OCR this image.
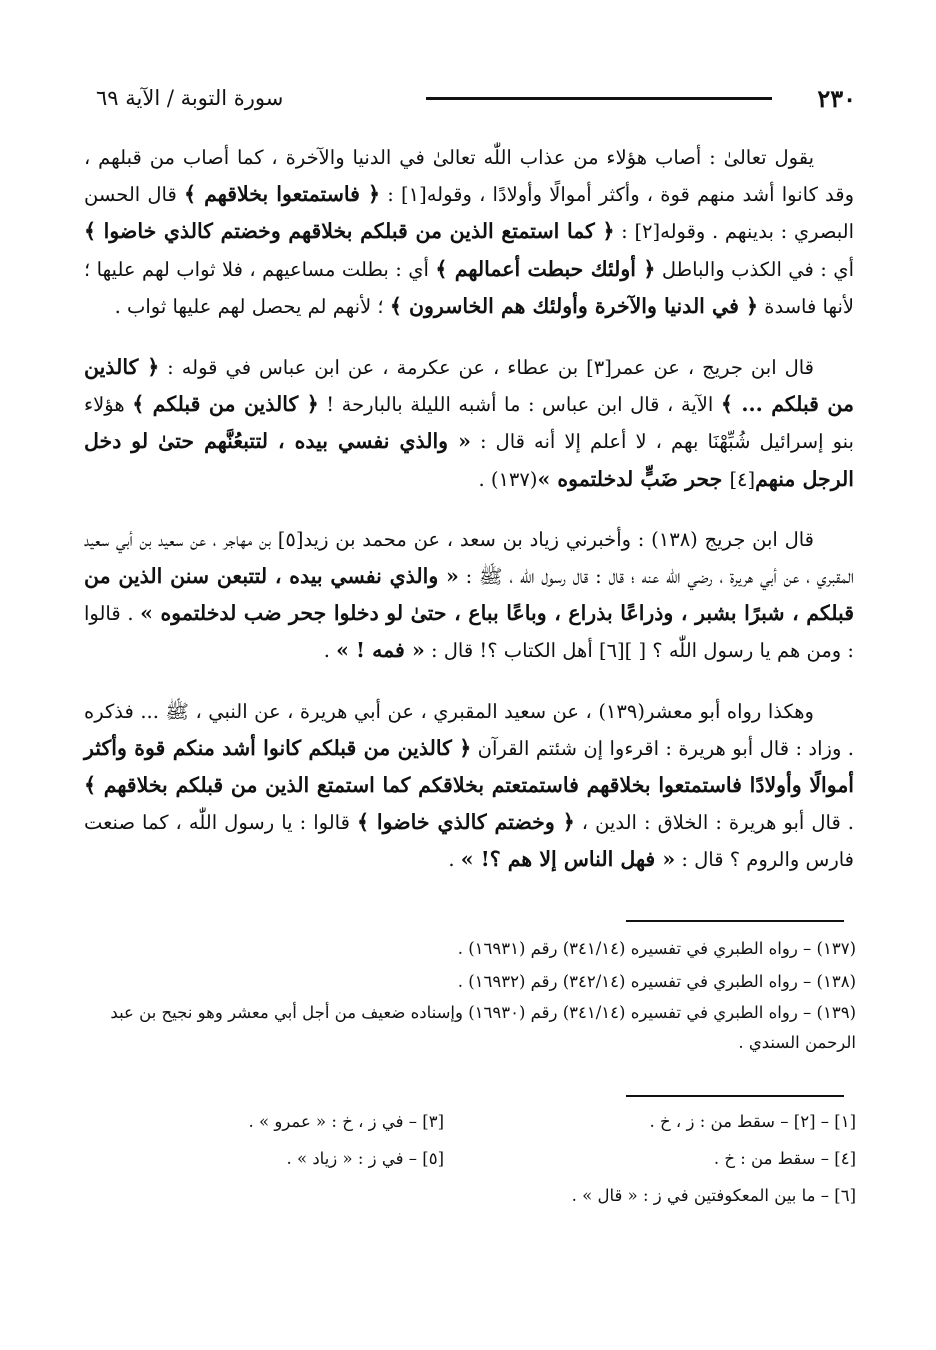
٢٣٠
سورة التوبة / الآية ٦٩

يقول تعالىٰ : أصاب هؤلاء من عذاب اللّٰه تعالىٰ في الدنيا والآخرة ، كما أصاب من قبلهم ، وقد كانوا أشد منهم قوة ، وأكثر أموالًا وأولادًا ، وقوله[١] : ﴿ فاستمتعوا بخلاقهم ﴾ قال الحسن البصري : بدينهم . وقوله[٢] : ﴿ كما استمتع الذين من قبلكم بخلاقهم وخضتم كالذي خاضوا ﴾ أي : في الكذب والباطل ﴿ أولئك حبطت أعمالهم ﴾ أي : بطلت مساعيهم ، فلا ثواب لهم عليها ؛ لأنها فاسدة ﴿ في الدنيا والآخرة وأولئك هم الخاسرون ﴾ ؛ لأنهم لم يحصل لهم عليها ثواب .

قال ابن جريج ، عن عمر[٣] بن عطاء ، عن عكرمة ، عن ابن عباس في قوله : ﴿ كالذين من قبلكم ... ﴾ الآية ، قال ابن عباس : ما أشبه الليلة بالبارحة ! ﴿ كالذين من قبلكم ﴾ هؤلاء بنو إسرائيل شُبِّهْنَا بهم ، لا أعلم إلا أنه قال : « والذي نفسي بيده ، لتتبعُنَّهم حتىٰ لو دخل الرجل منهم[٤] جحر ضَبٍّ لدخلتموه »(١٣٧) .

قال ابن جريج (١٣٨) : وأخبرني زياد بن سعد ، عن محمد بن زيد[٥] بن مهاجر ، عن سعيد بن أبي سعيد المقبري ، عن أبي هريرة ، رضي اللّٰه عنه ؛ قال : قال رسول اللّٰه ، ﷺ : « والذي نفسي بيده ، لتتبعن سنن الذين من قبلكم ، شبرًا بشبر ، وذراعًا بذراع ، وباعًا بباع ، حتىٰ لو دخلوا جحر ضب لدخلتموه » . قالوا : ومن هم يا رسول اللّٰه ؟ [ ][٦] أهل الكتاب ؟! قال : « فمه ! » .

وهكذا رواه أبو معشر(١٣٩) ، عن سعيد المقبري ، عن أبي هريرة ، عن النبي ، ﷺ ... فذكره . وزاد : قال أبو هريرة : اقرءوا إن شئتم القرآن ﴿ كالذين من قبلكم كانوا أشد منكم قوة وأكثر أموالًا وأولادًا فاستمتعوا بخلاقهم فاستمتعتم بخلاقكم كما استمتع الذين من قبلكم بخلاقهم ﴾ . قال أبو هريرة : الخلاق : الدين ، ﴿ وخضتم كالذي خاضوا ﴾ قالوا : يا رسول اللّٰه ، كما صنعت فارس والروم ؟ قال : « فهل الناس إلا هم ؟! » .

(١٣٧) – رواه الطبري في تفسيره (٣٤١/١٤) رقم (١٦٩٣١) .

(١٣٨) – رواه الطبري في تفسيره (٣٤٢/١٤) رقم (١٦٩٣٢) .

(١٣٩) – رواه الطبري في تفسيره (٣٤١/١٤) رقم (١٦٩٣٠) وإسناده ضعيف من أجل أبي معشر وهو نجيح بن عبد الرحمن السندي .

[١] – [٢] – سقط من : ز ، خ .
[٣] – في ز ، خ : « عمرو » .
[٤] – سقط من : خ .
[٥] – في ز : « زياد » .
[٦] – ما بين المعكوفتين في ز : « قال » .
